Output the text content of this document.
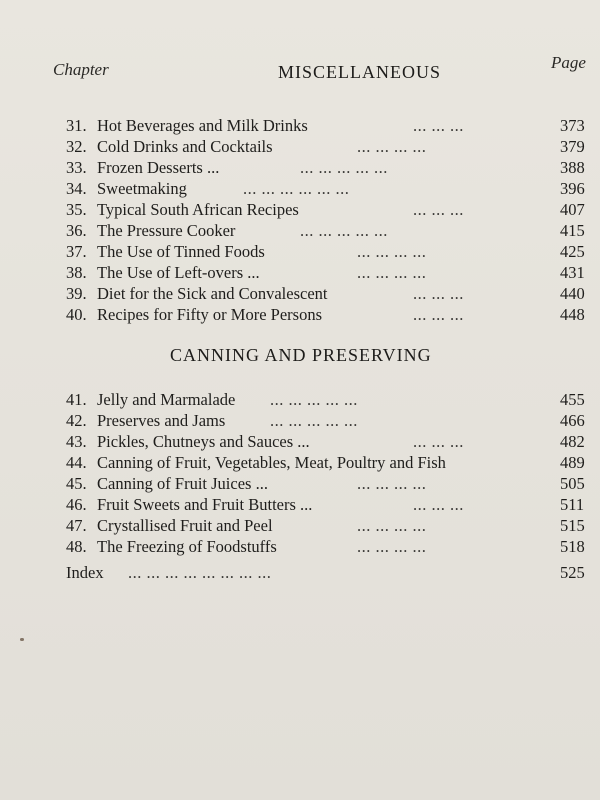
Chapter	MISCELLANEOUS	Page
CANNING AND PRESERVING
31. Hot Beverages and Milk Drinks	... ... ...	373
32. Cold Drinks and Cocktails	... ... ... ...	379
33. Frozen Desserts ...	... ... ... ... ...	388
34. Sweetmaking	... ... ... ... ... ...	396
35. Typical South African Recipes	... ... ...	407
36. The Pressure Cooker	... ... ... ... ...	415
37. The Use of Tinned Foods	... ... ... ...	425
38. The Use of Left-overs ...	... ... ... ...	431
39. Diet for the Sick and Convalescent	... ... ...	440
40. Recipes for Fifty or More Persons	... ... ...	448
41. Jelly and Marmalade ... ... ... ... ...	455
42. Preserves and Jams	... ... ... ... ...	466
43. Pickles, Chutneys and Sauces ...	... ... ...	482
44. Canning of Fruit, Vegetables, Meat, Poultry and Fish	489
45. Canning of Fruit Juices ...	... ... ... ...	505
46. Fruit Sweets and Fruit Butters ...	... ... ...	511
47. Crystallised Fruit and Peel	... ... ... ...	515
48. The Freezing of Foodstuffs	... ... ... ...	518
Index ... ... ... ... ... ... ... ...	525
